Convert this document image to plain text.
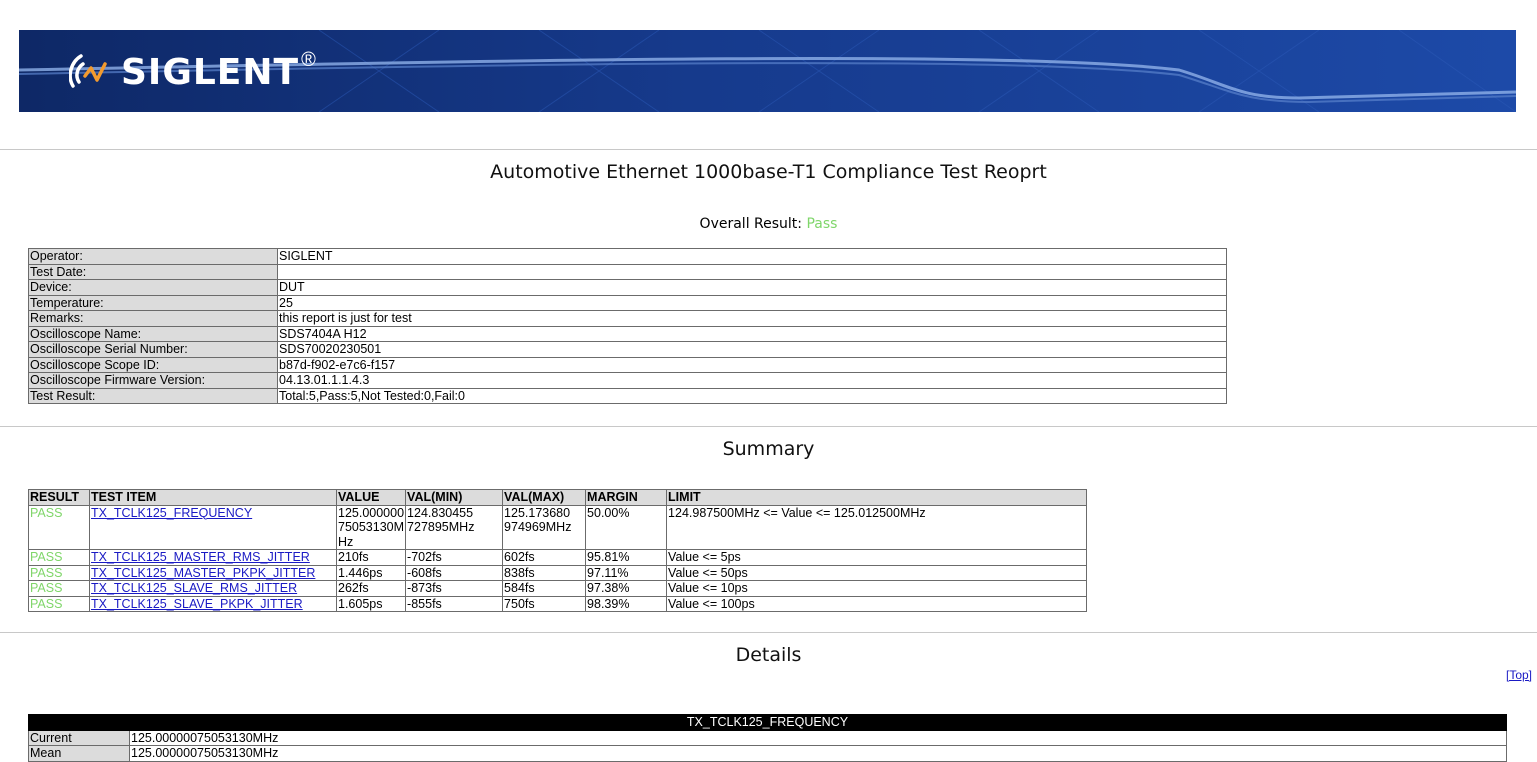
SIGLENT ®
Automotive Ethernet 1000base-T1 Compliance Test Reoprt
Overall Result: Pass
Operator:	SIGLENT
Test Date:	
Device:	DUT
Temperature:	25
Remarks:	this report is just for test
Oscilloscope Name:	SDS7404A H12
Oscilloscope Serial Number:	SDS70020230501
Oscilloscope Scope ID:	b87d-f902-e7c6-f157
Oscilloscope Firmware Version:	04.13.01.1.1.4.3
Test Result:	Total:5,Pass:5,Not Tested:0,Fail:0
Summary
RESULT	TEST ITEM	VALUE	VAL(MIN)	VAL(MAX)	MARGIN	LIMIT
PASS	TX_TCLK125_FREQUENCY	125.000000 75053130M Hz	124.830455 727895MHz	125.173680 974969MHz	50.00%	124.987500MHz <= Value <= 125.012500MHz
PASS	TX_TCLK125_MASTER_RMS_JITTER	210fs	-702fs	602fs	95.81%	Value <= 5ps
PASS	TX_TCLK125_MASTER_PKPK_JITTER	1.446ps	-608fs	838fs	97.11%	Value <= 50ps
PASS	TX_TCLK125_SLAVE_RMS_JITTER	262fs	-873fs	584fs	97.38%	Value <= 10ps
PASS	TX_TCLK125_SLAVE_PKPK_JITTER	1.605ps	-855fs	750fs	98.39%	Value <= 100ps
Details
[Top]
TX_TCLK125_FREQUENCY	
Current	125.00000075053130MHz
Mean	125.00000075053130MHz
